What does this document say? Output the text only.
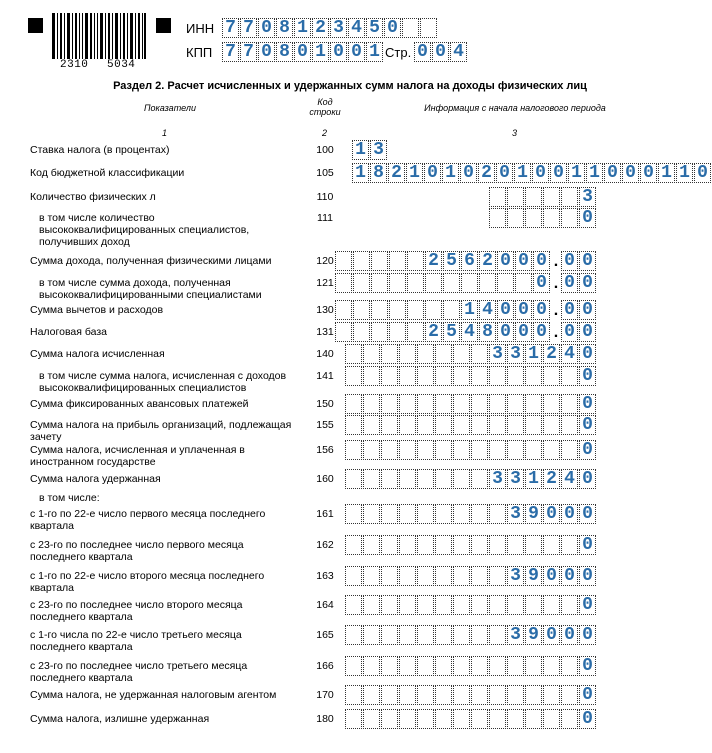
2310 5034
ИНН 7 7 0 8 1 2 3 4 5 0
КПП 7 7 0 8 0 1 0 0 1 Стр. 0 0 4
Раздел 2. Расчет исчисленных и удержанных сумм налога на доходы физических лиц
Показатели
Код строки	Информация с начала налогового периода
1	2	3
Ставка налога (в процентах)	100	1 3
Код бюджетной классификации	105	1 8 2 1 0 1 0 2 0 1 0 0 1 1 0 0 0 1 1 0
Количество физических л	110	3
в том числе количество высококвалифицированных специалистов, получивших доход
111	0
Сумма дохода, полученная физическими лицами	120	2 5 6 2 0 0 0 . 0 0
в том числе сумма дохода, полученная высококвалифицированными специалистами
121	0 . 0 0
Сумма вычетов и расходов	130	1 4 0 0 0 . 0 0
Налоговая база	131	2 5 4 8 0 0 0 . 0 0
Сумма налога исчисленная	140	3 3 1 2 4 0
в том числе сумма налога, исчисленная с доходов высококвалифицированных специалистов
141	0
Сумма фиксированных авансовых платежей	150	0
Сумма налога на прибыль организаций, подлежащая зачету
155	0
Сумма налога, исчисленная и уплаченная в иностранном государстве
156	0
Сумма налога удержанная	160	3 3 1 2 4 0
в том числе:
с 1-го по 22-е число первого месяца последнего квартала
161	3 9 0 0 0
с 23-го по последнее число первого месяца последнего квартала
162	0
с 1-го по 22-е число второго месяца последнего квартала
163	3 9 0 0 0
с 23-го по последнее число второго месяца последнего квартала
164	0
с 1-го числа по 22-е число третьего месяца последнего квартала
165	3 9 0 0 0
с 23-го по последнее число третьего месяца последнего квартала
166	0
Сумма налога, не удержанная налоговым агентом	170	0
Сумма налога, излишне удержанная	180	0
